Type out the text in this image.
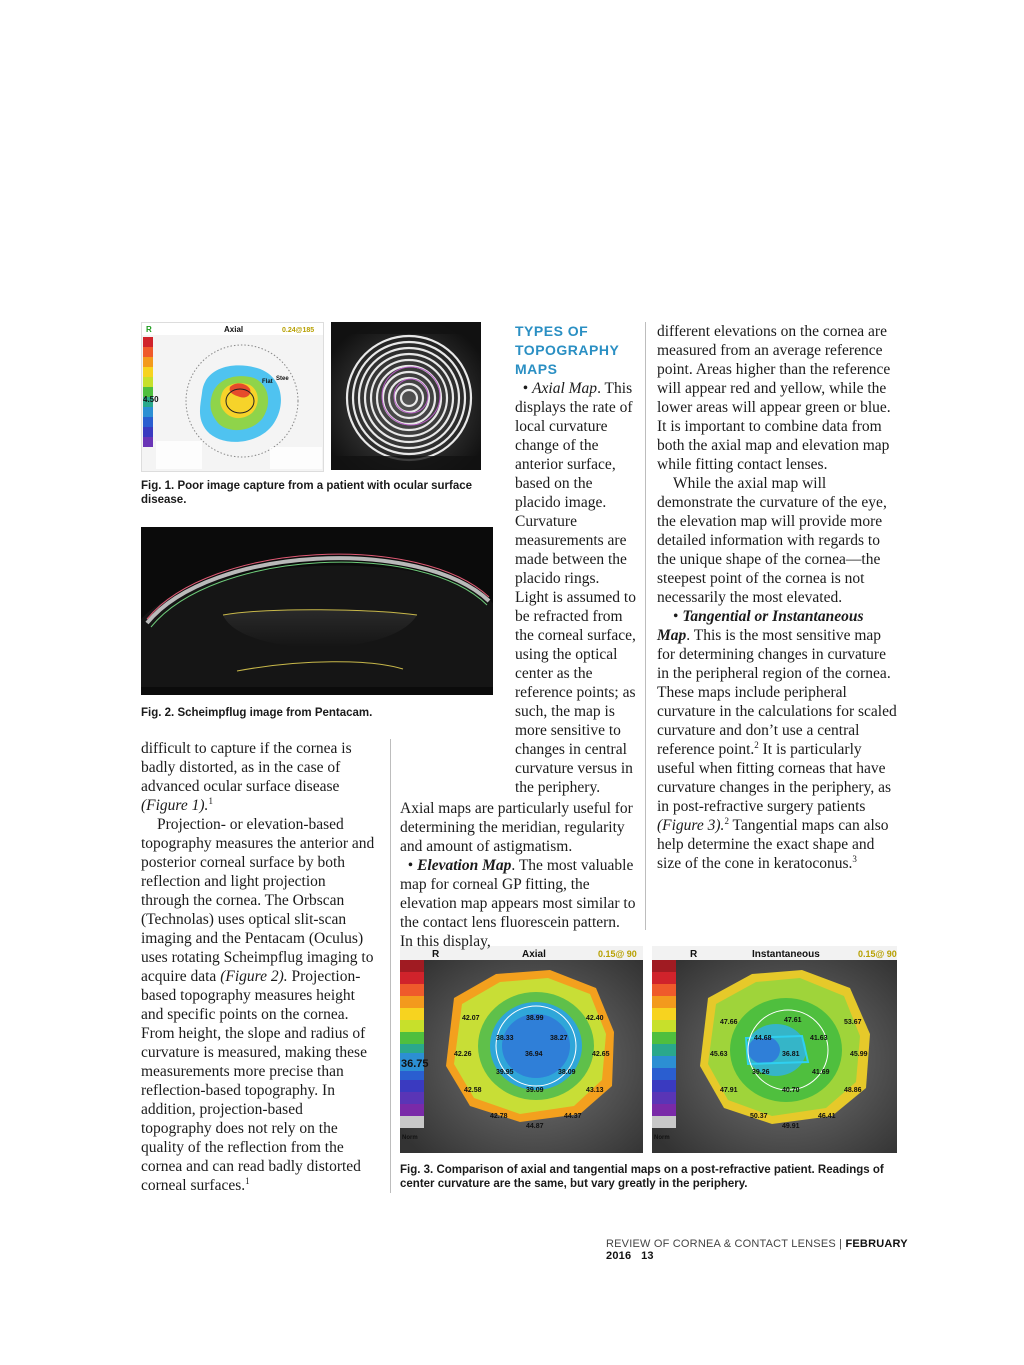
R	Axial	0.24@185
4.50
Flat Stee
Fig. 1. Poor image capture from a patient with ocular surface disease.
Fig. 2. Scheimpflug image from Pentacam.

difficult to capture if the cornea is badly distorted, as in the case of advanced ocular surface disease (Figure 1).$^1$

Projection- or elevation-based topography measures the anterior and posterior corneal surface by both reflection and light projection through the cornea. The Orbscan (Technolas) uses optical slit-scan imaging and the Pentacam (Oculus) uses rotating Scheimpflug imaging to acquire data (Figure 2). Projection-based topography measures height and specific points on the cornea. From height, the slope and radius of curvature is measured, making these measurements more precise than reflection-based topography. In addition, projection-based topography does not rely on the quality of the reflection from the cornea and can read badly distorted corneal surfaces.$^1$

TYPES OF TOPOGRAPHY MAPS

• Axial Map. This displays the rate of local curvature change of the anterior surface, based on the placido image. Curvature measurements are made between the placido rings. Light is assumed to be refracted from the corneal surface, using the optical center as the reference points; as such, the map is more sensitive to changes in central curvature versus in the periphery.

different elevations on the cornea are measured from an average reference point. Areas higher than the reference will appear red and yellow, while the lower areas will appear green or blue. It is important to combine data from both the axial map and elevation map while fitting contact lenses.

While the axial map will demonstrate the curvature of the eye, the elevation map will provide more detailed information with regards to the unique shape of the cornea—the steepest point of the cornea is not necessarily the most elevated.

• Tangential or Instantaneous Map. This is the most sensitive map for determining changes in curvature in the peripheral region of the cornea. These maps include peripheral curvature in the calculations for scaled curvature and don’t use a central reference point.$^2$ It is particularly useful when fitting corneas that have curvature changes in the periphery, as in post-refractive surgery patients (Figure 3).$^2$ Tangential maps can also help determine the exact shape and size of the cone in keratoconus.$^3$

R	Axial	0.15@ 90
36.75
Norm
42.07	38.99	42.40
38.33	38.27
42.26	36.94	42.65
39.95	38.09
42.58	39.09	43.13
42.78	44.37
44.87
R	Instantaneous	0.15@ 90
Norm
47.66	47.61	53.67
44.68	41.63
45.63	36.81	45.99
39.26	41.69
47.91	40.70	48.86
50.37	46.41
49.91
Fig. 3. Comparison of axial and tangential maps on a post-refractive patient. Readings of center curvature are the same, but vary greatly in the periphery.
REVIEW OF CORNEA & CONTACT LENSES | FEBRUARY 2016 13

Axial maps are particularly useful for determining the meridian, regularity and amount of astigmatism.

• Elevation Map. The most valuable map for corneal GP fitting, the elevation map appears most similar to the contact lens fluorescein pattern. In this display,
